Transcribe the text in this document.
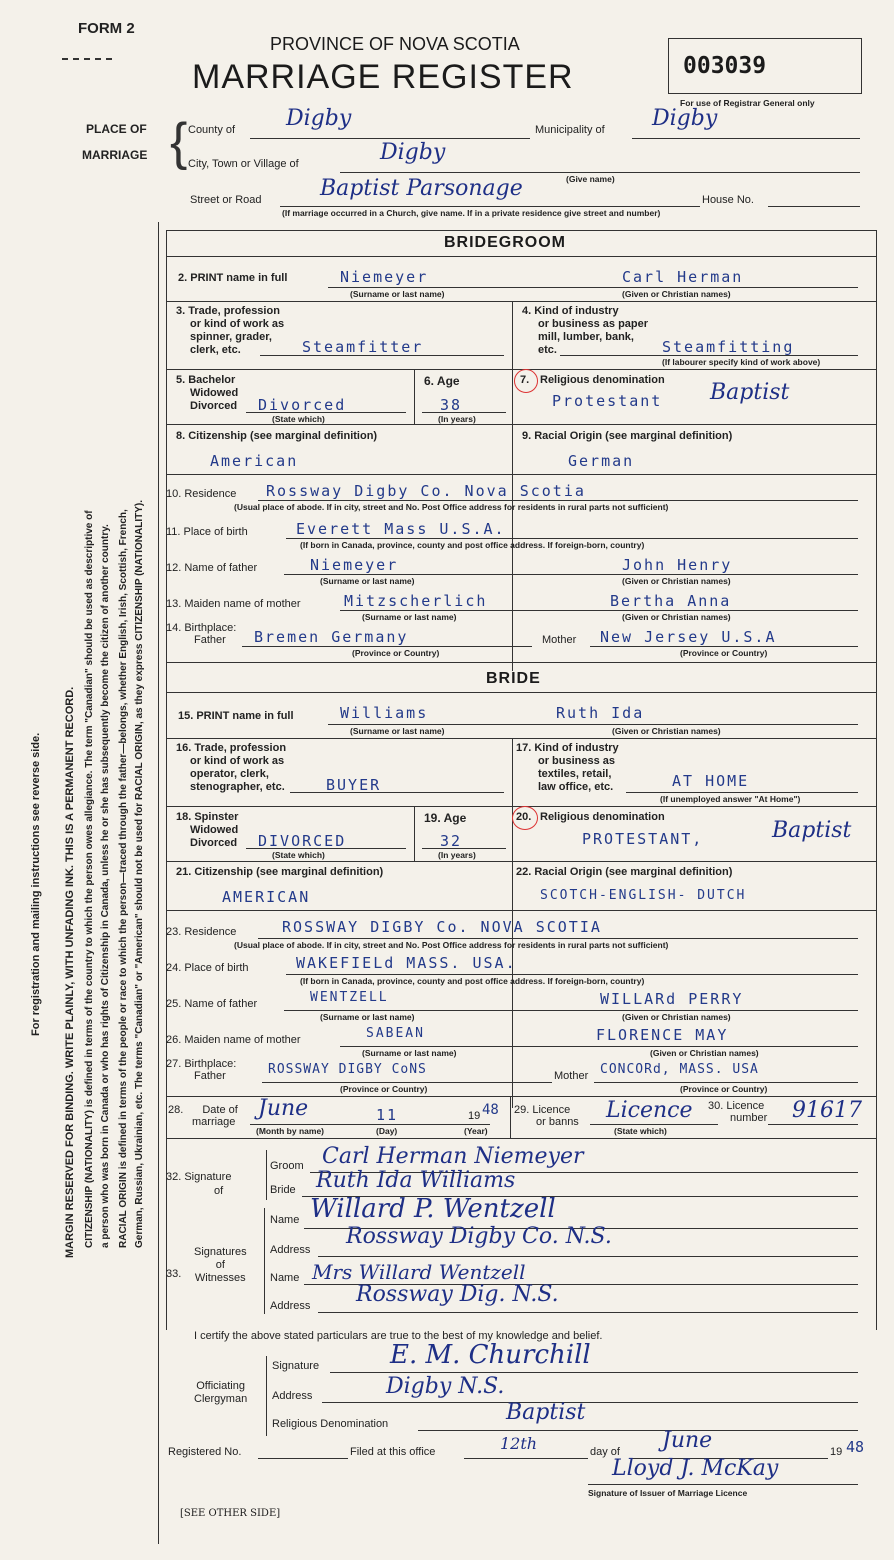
FORM 2
PROVINCE OF NOVA SCOTIA
MARRIAGE REGISTER	003039
For use of Registrar General only
PLACE OF
MARRIAGE { County of Digby	Municipality of Digby
City, Town or Village of	Digby
(Give name)
Street or Road	Baptist Parsonage	House No.
(If marriage occurred in a Church, give name. If in a private residence give street and number)
MARGIN RESERVED FOR BINDING. WRITE PLAINLY, WITH UNFADING INK. THIS IS A PERMANENT RECORD.
For registration and mailing instructions see reverse side.	CITIZENSHIP (NATIONALITY) is defined in terms of the country to which the person owes allegiance. The term "Canadian" should be used as descriptive of a person who was born in Canada or who has rights of Citizenship in Canada, unless he or she has subsequently become the citizen of another country. RACIAL ORIGIN is defined in terms of the people or race to which the person—traced through the father—belongs, whether English, Irish, Scottish, French, German, Russian, Ukrainian, etc. The terms "Canadian" or "American" should not be used for RACIAL ORIGIN, as they express CITIZENSHIP (NATIONALITY).
BRIDEGROOM
2. PRINT name in full	Niemeyer	Carl Herman
(Surname or last name)	(Given or Christian names)
3. Trade, profession
or kind of work as
spinner, grader,
clerk, etc.	Steamfitter
4. Kind of industry
or business as paper
mill, lumber, bank,
etc.	Steamfitting
(If labourer specify kind of work above)
5. Bachelor
Widowed
Divorced Divorced
(State which)
6. Age
38
(In years)
7. Religious denomination
Protestant Baptist
8. Citizenship (see marginal definition)
American
9. Racial Origin (see marginal definition)
German
10. Residence Rossway Digby Co. Nova Scotia
(Usual place of abode. If in city, street and No. Post Office address for residents in rural parts not sufficient)
11. Place of birth	Everett Mass U.S.A.
(If born in Canada, province, county and post office address. If foreign-born, country)
12. Name of father	Niemeyer	John Henry
(Surname or last name)	(Given or Christian names)
13. Maiden name of mother	Mitzscherlich	Bertha Anna
(Surname or last name)	(Given or Christian names)
14. Birthplace:
Father	Bremen Germany	Mother New Jersey U.S.A
(Province or Country)	(Province or Country)
BRIDE
15. PRINT name in full	Williams	Ruth Ida
(Surname or last name)	(Given or Christian names)
16. Trade, profession
or kind of work as
operator, clerk,
stenographer, etc.	BUYER
17. Kind of industry
or business as
textiles, retail,
law office, etc.	AT HOME
(If unemployed answer "At Home")
18. Spinster
Widowed
Divorced DIVORCED
(State which)
19. Age
32
(In years)
20. Religious denomination
PROTESTANT,	Baptist
21. Citizenship (see marginal definition)
AMERICAN
22. Racial Origin (see marginal definition)
SCOTCH-ENGLISH- DUTCH
23. Residence	ROSSWAY DIGBY Co. NOVA SCOTIA
(Usual place of abode. If in city, street and No. Post Office address for residents in rural parts not sufficient)
24. Place of birth	WAKEFIELd MASS. USA.
(If born in Canada, province, county and post office address. If foreign-born, country)
25. Name of father	WENTZELL	WILLARd PERRY
(Surname or last name)	(Given or Christian names)
26. Maiden name of mother	SABEAN	FLORENCE MAY
(Surname or last name)	(Given or Christian names)
27. Birthplace:
Father	ROSSWAY DIGBY CoNS	Mother CONCORd, MASS. USA
(Province or Country)	(Province or Country)
28. Date of
marriage
June	11	19 48
(Month by name)	(Day)	(Year)
29. Licence
or banns Licence
(State which)
30. Licence
number 91617
32. Signature
of
Groom Carl Herman Niemeyer
Bride Ruth Ida Williams
33.
Signatures
of
Witnesses
Name Willard P. Wentzell
Address
Rossway Digby Co. N.S.
Name Mrs Willard Wentzell
Address Rossway Dig. N.S.
I certify the above stated particulars are true to the best of my knowledge and belief.
Officiating
Clergyman
Signature	E. M. Churchill
Address	Digby N.S.
Religious Denomination	Baptist
Registered No.	Filed at this office	12th	day of June	19 48
Lloyd J. McKay
Signature of Issuer of Marriage Licence
[SEE OTHER SIDE]
